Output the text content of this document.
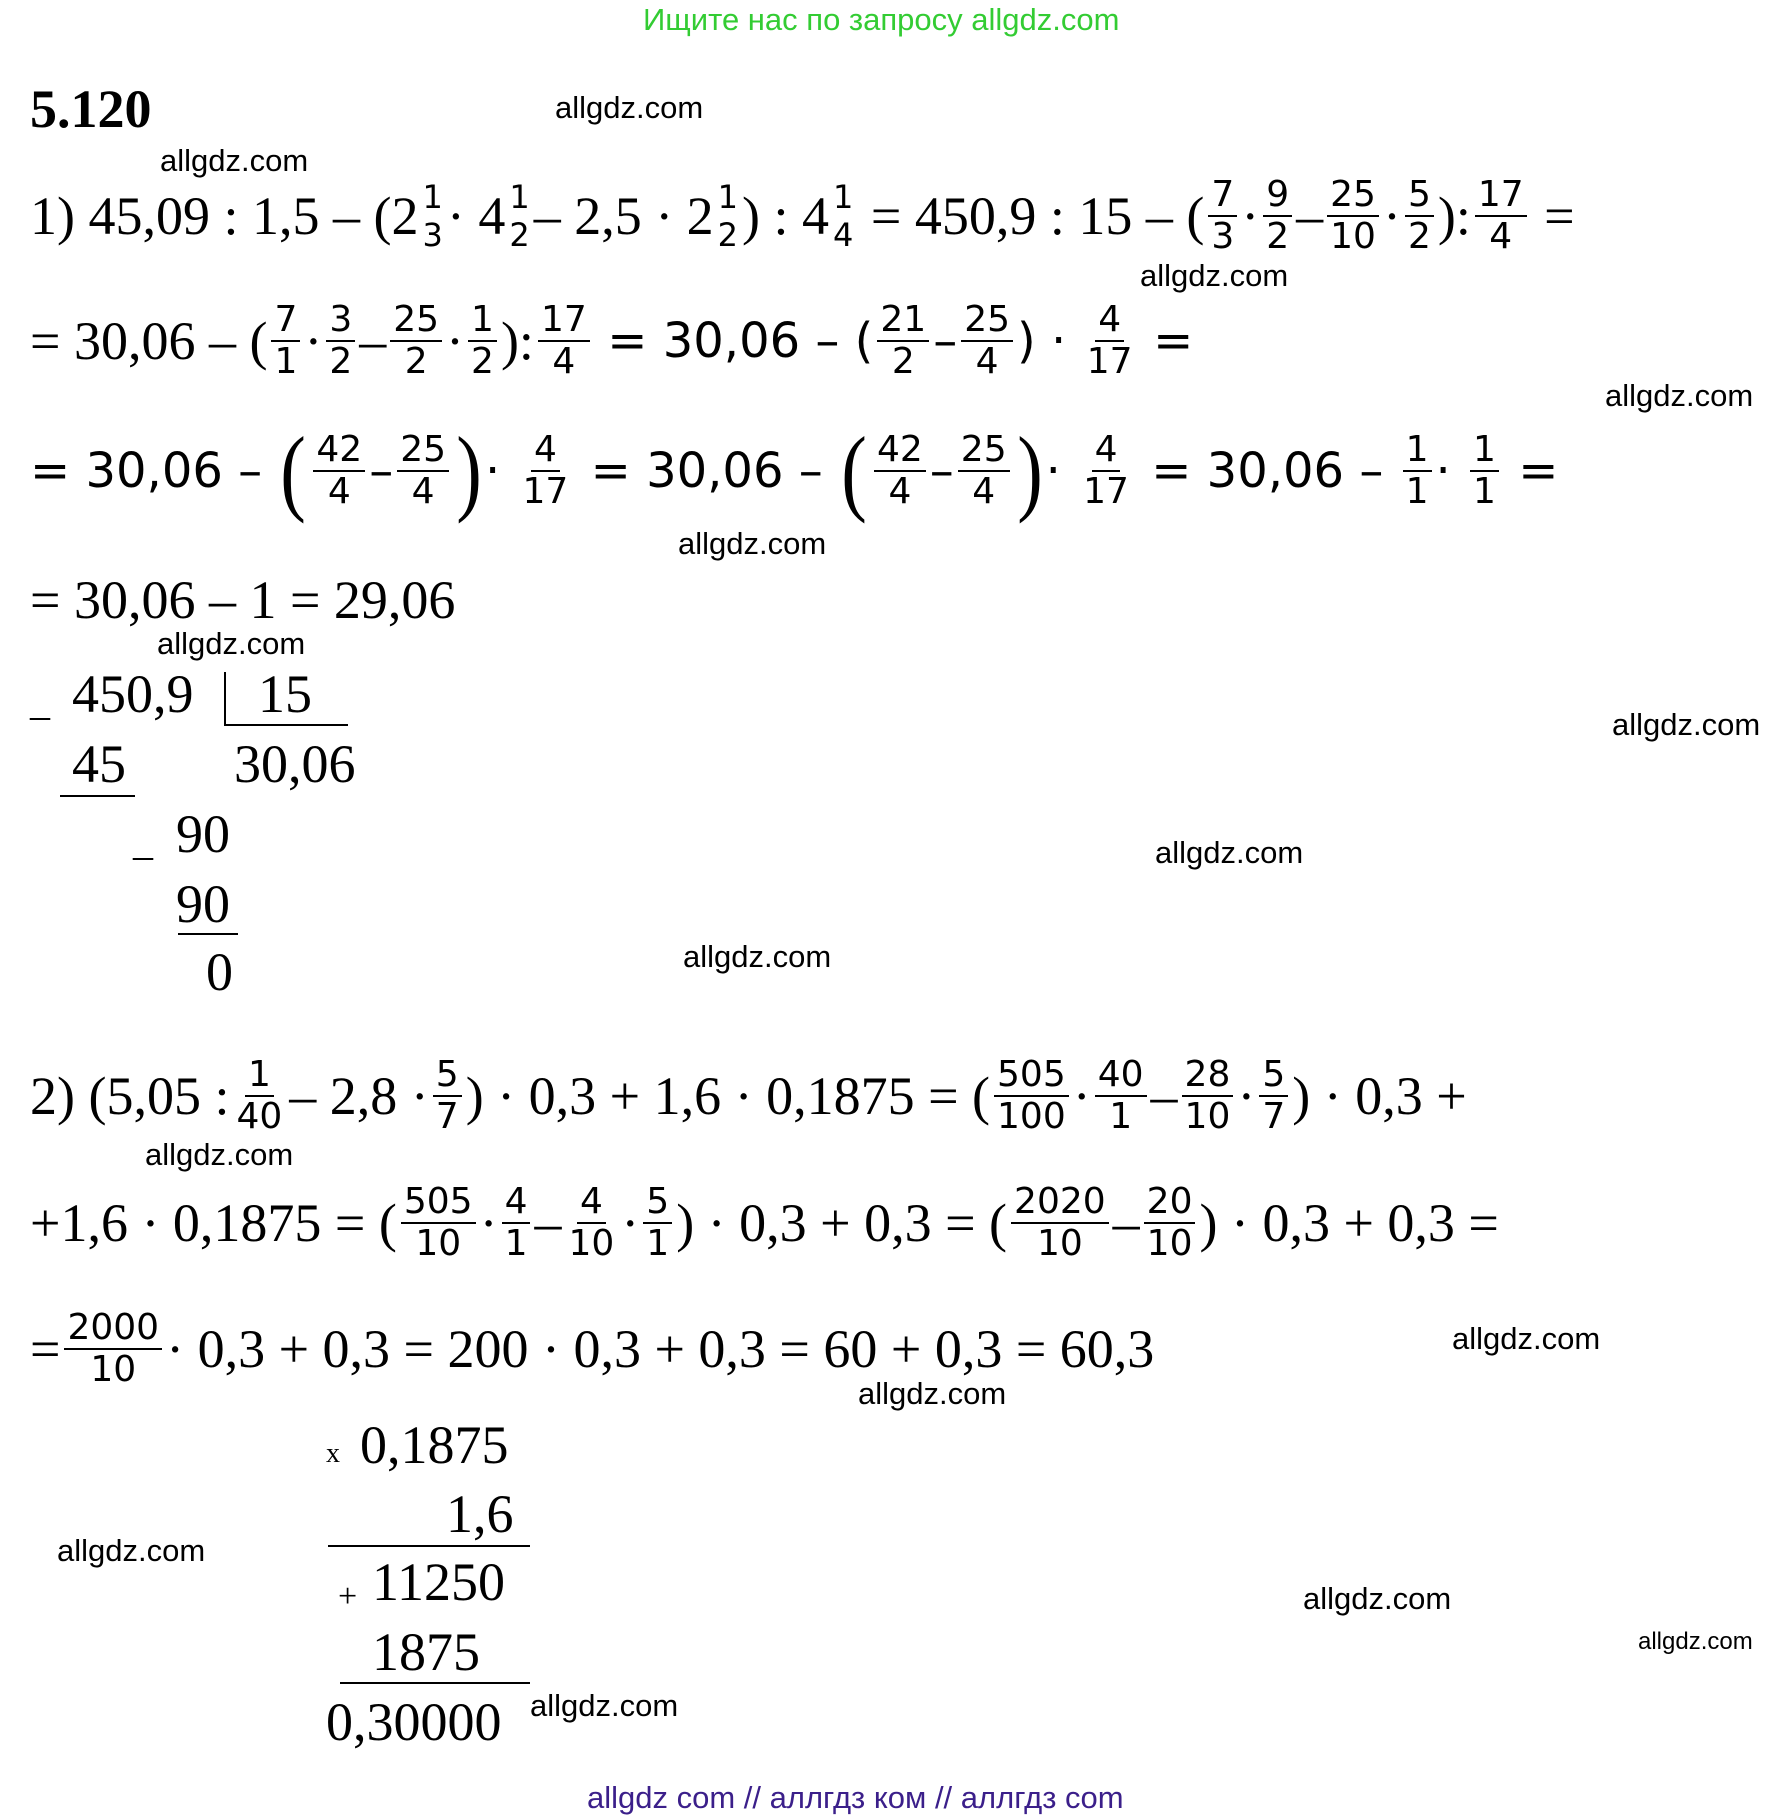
Ищите нас по запросу allgdz.com
5.120	allgdz.com
allgdz.com
allgdz.com
allgdz.com
allgdz.com
allgdz.com
allgdz.com
allgdz.com
allgdz.com
allgdz.com
allgdz.com
allgdz.com
allgdz.com
allgdz.com
allgdz.com
allgdz.com
1)
45,09 : 1,5 – (2 1
3 · 4 1
2 – 2,5 · 2 1
2 ) : 4 1
4
= 450,9 : 15 – ( $\frac{7}{3} \cdot \frac{9}{2} - \frac{25}{10} \cdot \frac{5}{2}$ ): $\frac{17}{4}$
=
= 30,06 – ( $\frac{7}{1} \cdot \frac{3}{2} - \frac{25}{2} \cdot \frac{1}{2}$ ): $\frac{17}{4}$
= 30,06 – ( $\frac{21}{2} - \frac{25}{4}$ ) ·
$\frac{4}{17}$
=
= 30,06 –
( $\frac{42}{4} - \frac{25}{4}$ ) ·
$\frac{4}{17}$
= 30,06 –
( $\frac{42}{4} - \frac{25}{4}$ ) ·
$\frac{4}{17}$
= 30,06 –
$\frac{1}{1}$ ·
$\frac{1}{1}$
=
= 30,06 – 1 = 29,06
_ 450,9 15
45 30,06
_ 90
90
0
2)
(5,05 : $\frac{1}{40} - 2,8 \cdot \frac{5}{7}$ ) · 0,3 + 1,6 · 0,1875 = ( $\frac{505}{100} \cdot \frac{40}{1} - \frac{28}{10} \cdot \frac{5}{7}$ ) · 0,3 +
+1,6 · 0,1875 = ( $\frac{505}{10} \cdot \frac{4}{1} - \frac{4}{10} \cdot \frac{5}{1}$ ) · 0,3 + 0,3 = ( $\frac{2020}{10} - \frac{20}{10}$ ) · 0,3 + 0,3 =
= $\frac{2000}{10} \cdot 0,3 + 0,3 = 200 \cdot 0,3 + 0,3 = 60 + 0,3 = 60,3$
x 0,1875
1,6
+ 11250
1875
0,30000
allgdz com // аллгдз ком // аллгдз com
